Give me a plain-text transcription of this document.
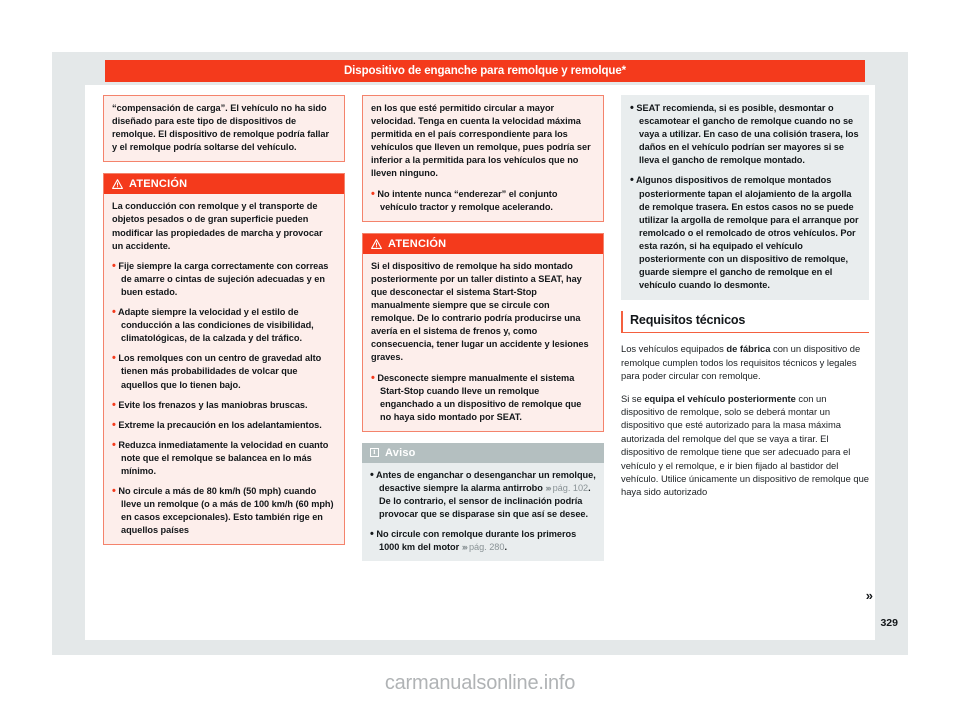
Dispositivo de enganche para remolque y remolque*

“compensación de carga”. El vehículo no ha sido diseñado para este tipo de dispositivos de remolque. El dispositivo de remolque podría fallar y el remolque podría soltarse del vehículo.

ATENCIÓN

La conducción con remolque y el transporte de objetos pesados o de gran superficie pueden modificar las propiedades de marcha y provocar un accidente.

• Fije siempre la carga correctamente con correas de amarre o cintas de sujeción adecuadas y en buen estado.

• Adapte siempre la velocidad y el estilo de conducción a las condiciones de visibilidad, climatológicas, de la calzada y del tráfico.

• Los remolques con un centro de gravedad alto tienen más probabilidades de volcar que aquellos que lo tienen bajo.

• Evite los frenazos y las maniobras bruscas.

• Extreme la precaución en los adelantamientos.

• Reduzca inmediatamente la velocidad en cuanto note que el remolque se balancea en lo más mínimo.

• No circule a más de 80 km/h (50 mph) cuando lleve un remolque (o a más de 100 km/h (60 mph) en casos excepcionales). Esto también rige en aquellos países

en los que esté permitido circular a mayor velocidad. Tenga en cuenta la velocidad máxima permitida en el país correspondiente para los vehículos que lleven un remolque, pues podría ser inferior a la permitida para los vehículos que no lleven ninguno.

• No intente nunca “enderezar” el conjunto vehículo tractor y remolque acelerando.

ATENCIÓN

Si el dispositivo de remolque ha sido montado posteriormente por un taller distinto a SEAT, hay que desconectar el sistema Start-Stop manualmente siempre que se circule con remolque. De lo contrario podría producirse una avería en el sistema de frenos y, como consecuencia, tener lugar un accidente y lesiones graves.

• Desconecte siempre manualmente el sistema Start-Stop cuando lleve un remolque enganchado a un dispositivo de remolque que no haya sido montado por SEAT.

i
Aviso

• Antes de enganchar o desenganchar un remolque, desactive siempre la alarma antirrobo ››› pág. 102. De lo contrario, el sensor de inclinación podría provocar que se disparase sin que así se desee.

• No circule con remolque durante los primeros 1000 km del motor ››› pág. 280.

• SEAT recomienda, si es posible, desmontar o escamotear el gancho de remolque cuando no se vaya a utilizar. En caso de una colisión trasera, los daños en el vehículo podrían ser mayores si se lleva el gancho de remolque montado.

• Algunos dispositivos de remolque montados posteriormente tapan el alojamiento de la argolla de remolque trasera. En estos casos no se puede utilizar la argolla de remolque para el arranque por remolcado o el remolcado de otros vehículos. Por esta razón, si ha equipado el vehículo posteriormente con un dispositivo de remolque, guarde siempre el gancho de remolque en el vehículo cuando lo desmonte.

Requisitos técnicos

Los vehículos equipados de fábrica con un dispositivo de remolque cumplen todos los requisitos técnicos y legales para poder circular con remolque.

Si se equipa el vehículo posteriormente con un dispositivo de remolque, solo se deberá montar un dispositivo que esté autorizado para la masa máxima autorizada del remolque del que se vaya a tirar. El dispositivo de remolque tiene que ser adecuado para el vehículo y el remolque, e ir bien fijado al bastidor del vehículo. Utilice únicamente un dispositivo de remolque que haya sido autorizado

»
329
carmanualsonline.info
